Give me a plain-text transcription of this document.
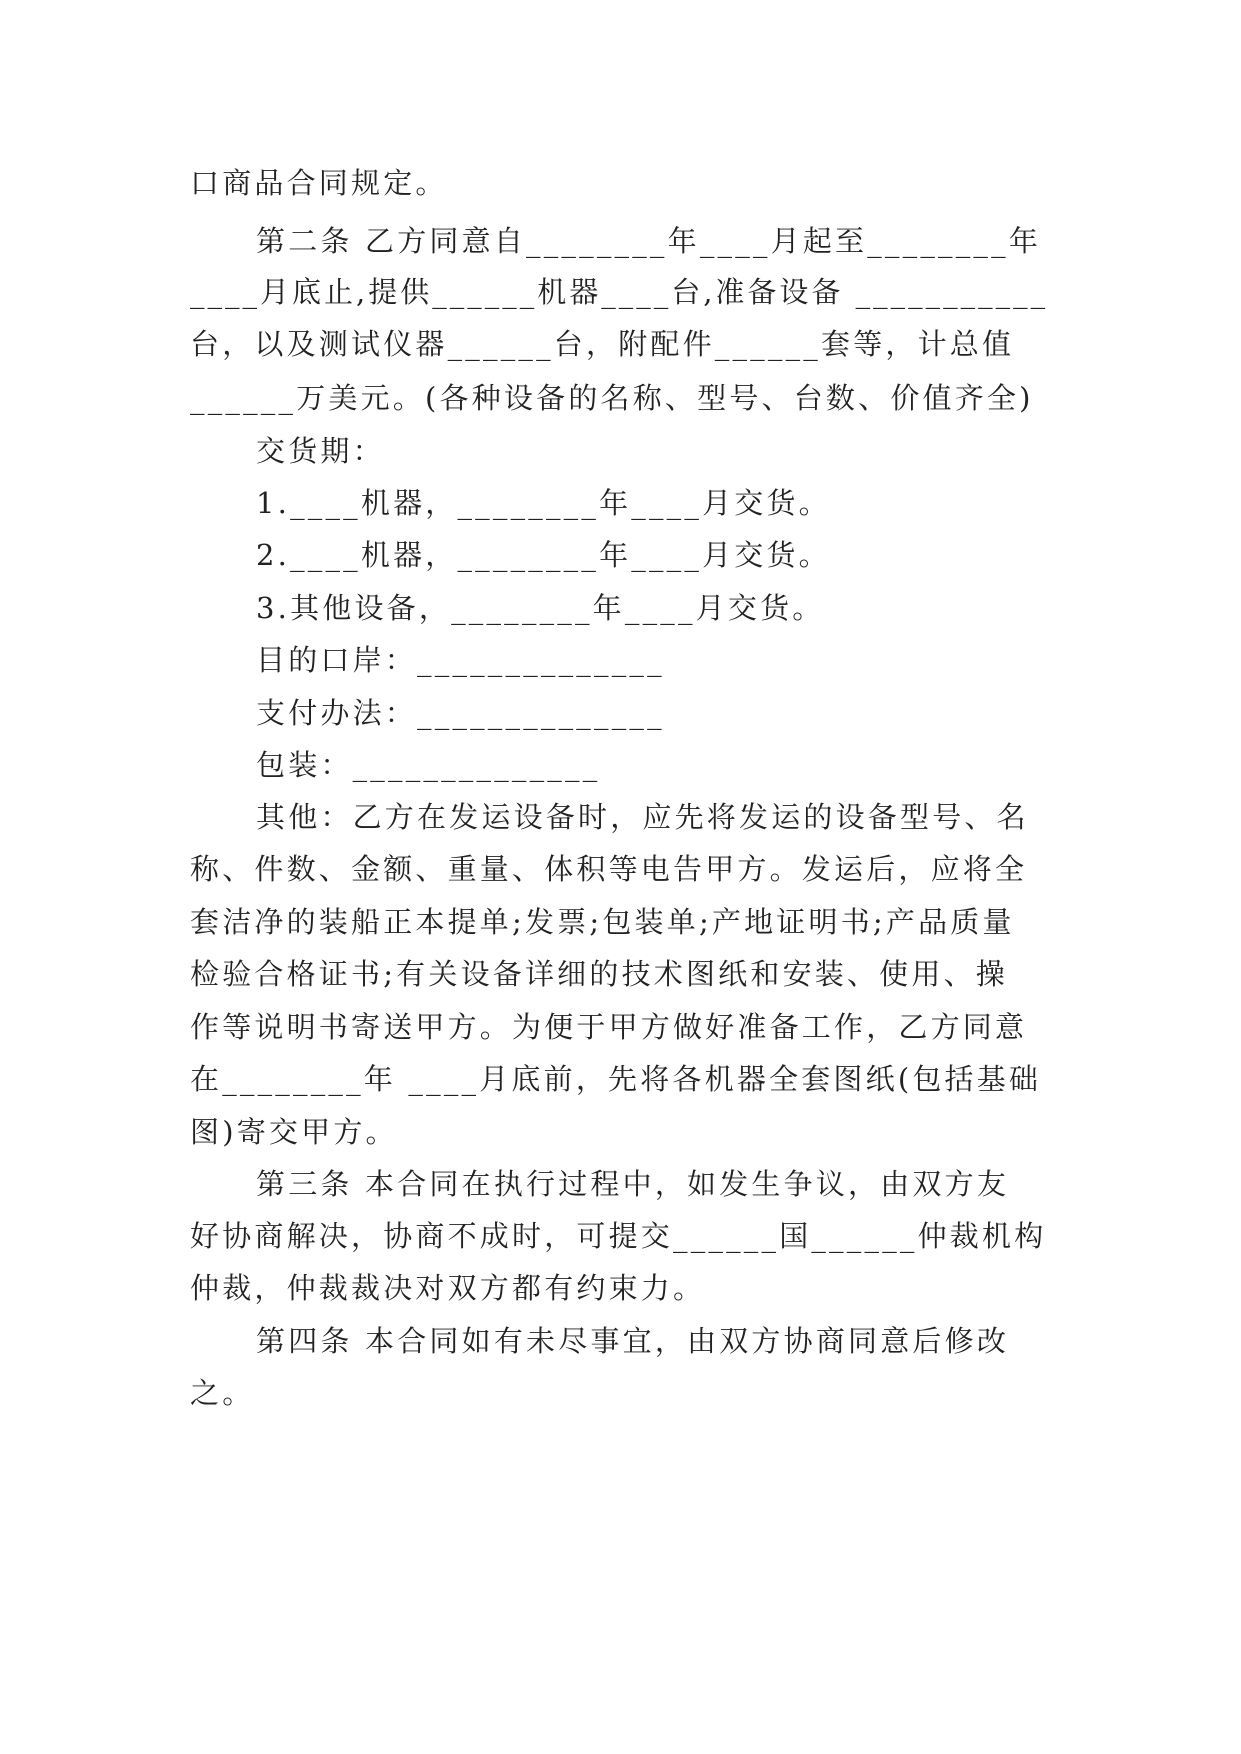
口商品合同规定。

第二条 乙方同意自________年____月起至________年

____月底止,提供______机器____台,准备设备 ___________

台，以及测试仪器______台，附配件______套等，计总值

______万美元。(各种设备的名称、型号、台数、价值齐全)

交货期：

1.____机器，________年____月交货。

2.____机器，________年____月交货。

3.其他设备，________年____月交货。

目的口岸：______________

支付办法：______________

包装：______________

其他：乙方在发运设备时，应先将发运的设备型号、名

称、件数、金额、重量、体积等电告甲方。发运后，应将全

套洁净的装船正本提单;发票;包装单;产地证明书;产品质量

检验合格证书;有关设备详细的技术图纸和安装、使用、操

作等说明书寄送甲方。为便于甲方做好准备工作，乙方同意

在________年 ____月底前，先将各机器全套图纸(包括基础

图)寄交甲方。

第三条 本合同在执行过程中，如发生争议，由双方友

好协商解决，协商不成时，可提交______国______仲裁机构

仲裁，仲裁裁决对双方都有约束力。

第四条 本合同如有未尽事宜，由双方协商同意后修改

之。
